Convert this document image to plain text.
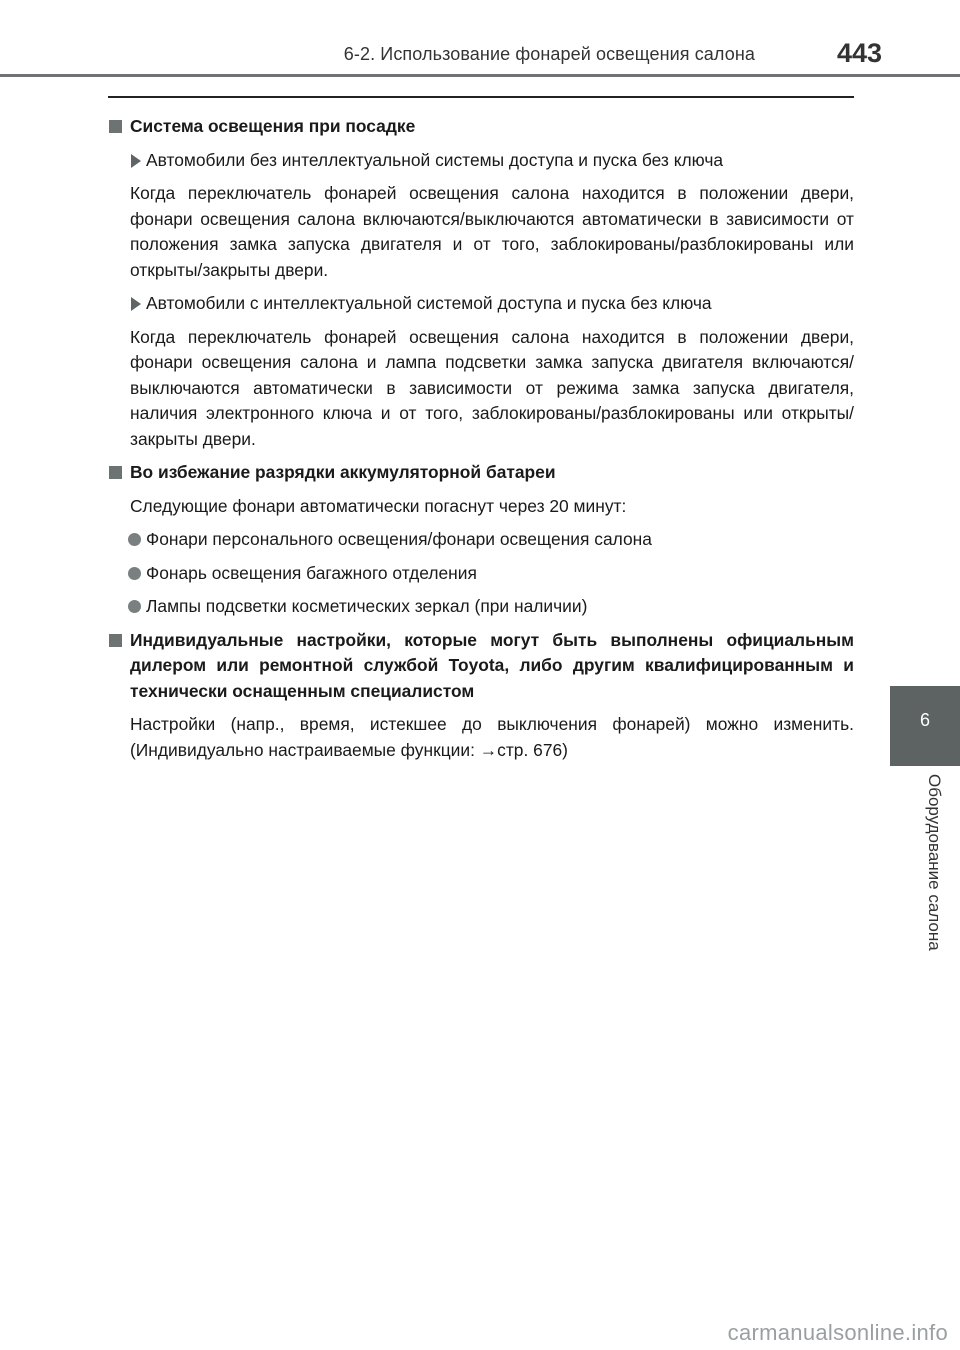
6-2. Использование фонарей освещения салона	443
Система освещения при посадке
Автомобили без интеллектуальной системы доступа и пуска без ключа
Когда переключатель фонарей освещения салона находится в положении двери, фонари освещения салона включаются/выключаются автоматически в зависимости от положения замка запуска двигателя и от того, заблокированы/разблокированы или открыты/закрыты двери.
Автомобили с интеллектуальной системой доступа и пуска без ключа
Когда переключатель фонарей освещения салона находится в положении двери, фонари освещения салона и лампа подсветки замка запуска двигателя включаются/выключаются автоматически в зависимости от режима замка запуска двигателя, наличия электронного ключа и от того, заблокированы/разблокированы или открыты/закрыты двери.
Во избежание разрядки аккумуляторной батареи
Следующие фонари автоматически погаснут через 20 минут:
Фонари персонального освещения/фонари освещения салона
Фонарь освещения багажного отделения
Лампы подсветки косметических зеркал (при наличии)
Индивидуальные настройки, которые могут быть выполнены официальным дилером или ремонтной службой Toyota, либо другим квалифицированным и технически оснащенным специалистом
Настройки (напр., время, истекшее до выключения фонарей) можно изменить. (Индивидуально настраиваемые функции: →стр. 676)
6
Оборудование салона
carmanualsonline.info
